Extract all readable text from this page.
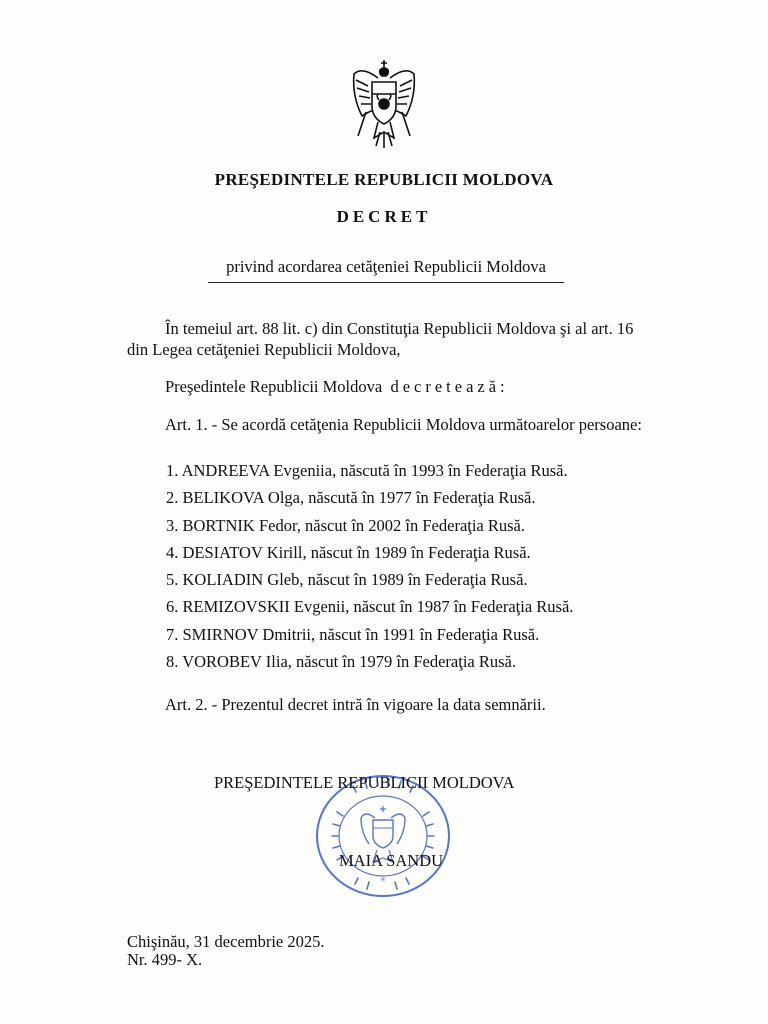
PREŞEDINTELE REPUBLICII MOLDOVA
DECRET
privind acordarea cetăţeniei Republicii Moldova
În temeiul art. 88 lit. c) din Constituţia Republicii Moldova şi al art. 16
din Legea cetăţeniei Republicii Moldova,
Preşedintele Republicii Moldova decretează:
Art. 1. - Se acordă cetăţenia Republicii Moldova următoarelor persoane:
1. ANDREEVA Evgeniia, născută în 1993 în Federaţia Rusă.
2. BELIKOVA Olga, născută în 1977 în Federaţia Rusă.
3. BORTNIK Fedor, născut în 2002 în Federaţia Rusă.
4. DESIATOV Kirill, născut în 1989 în Federaţia Rusă.
5. KOLIADIN Gleb, născut în 1989 în Federaţia Rusă.
6. REMIZOVSKII Evgenii, născut în 1987 în Federaţia Rusă.
7. SMIRNOV Dmitrii, născut în 1991 în Federaţia Rusă.
8. VOROBEV Ilia, născut în 1979 în Federaţia Rusă.
Art. 2. - Prezentul decret intră în vigoare la data semnării.
*
PREŞEDINTELE REPUBLICII MOLDOVA
MAIA SANDU
Chişinău, 31 decembrie 2025.
Nr. 499- X.
